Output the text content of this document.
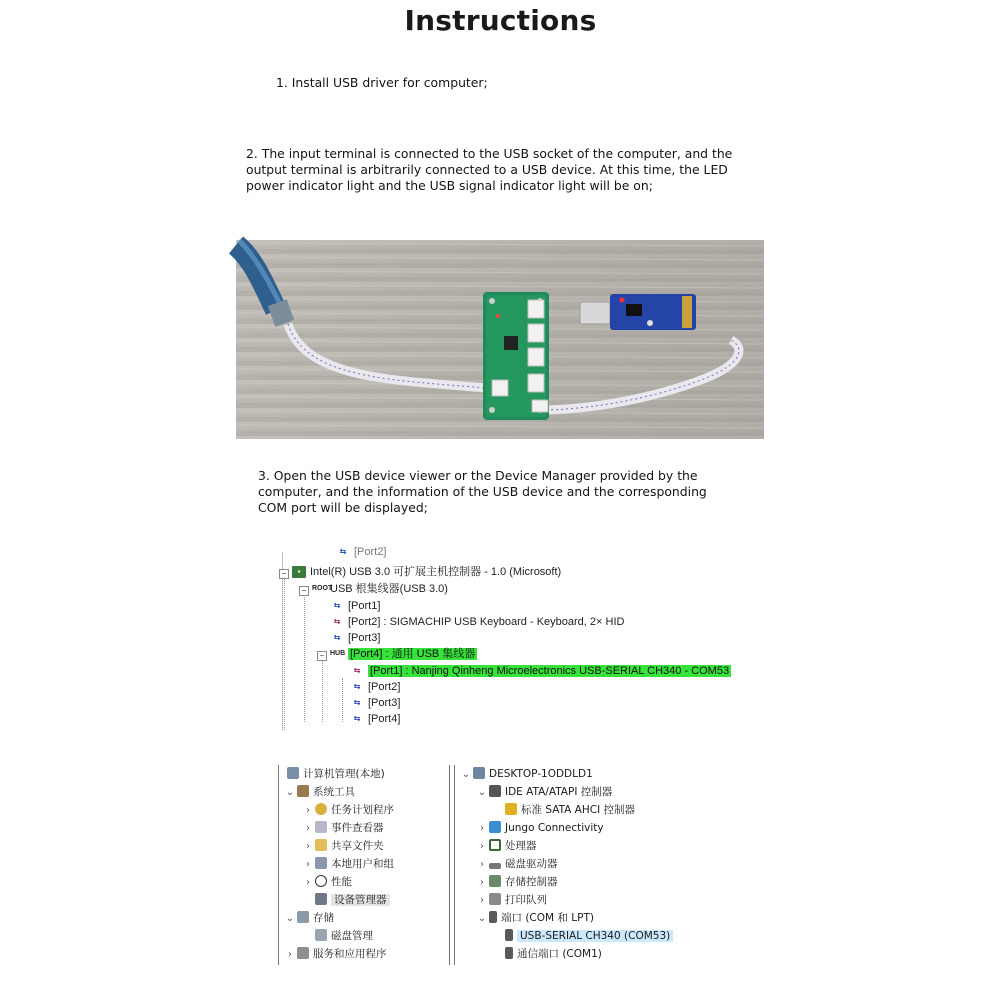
Instructions
1. Install USB driver for computer;
2. The input terminal is connected to the USB socket of the computer, and the output terminal is arbitrarily connected to a USB device. At this time, the LED power indicator light and the USB signal indicator light will be on;
3. Open the USB device viewer or the Device Manager provided by the computer, and the information of the USB device and the corresponding COM port will be displayed;
⇆ [Port2]
−	▪ Intel(R) USB 3.0 可扩展主机控制器 - 1.0 (Microsoft)
− ROOTUSB 根集线器(USB 3.0)
⇆ [Port1]
⇆ [Port2] : SIGMACHIP USB Keyboard - Keyboard, 2× HID
⇆ [Port3]
− HUB [Port4] : 通用 USB 集线器
⇆ [Port1] : Nanjing Qinheng Microelectronics USB-SERIAL CH340 - COM53
⇆ [Port2]
⇆ [Port3]
⇆ [Port4]
计算机管理(本地)
⌄ 系统工具
› 任务计划程序
› 事件查看器
› 共享文件夹
› 本地用户和组
› 性能
设备管理器
⌄ 存储
磁盘管理
› 服务和应用程序
⌄ DESKTOP-1ODDLD1
⌄ IDE ATA/ATAPI 控制器
标准 SATA AHCI 控制器
› Jungo Connectivity
› 处理器
› 磁盘驱动器
› 存储控制器
› 打印队列
⌄ 端口 (COM 和 LPT)
USB-SERIAL CH340 (COM53)
通信端口 (COM1)
